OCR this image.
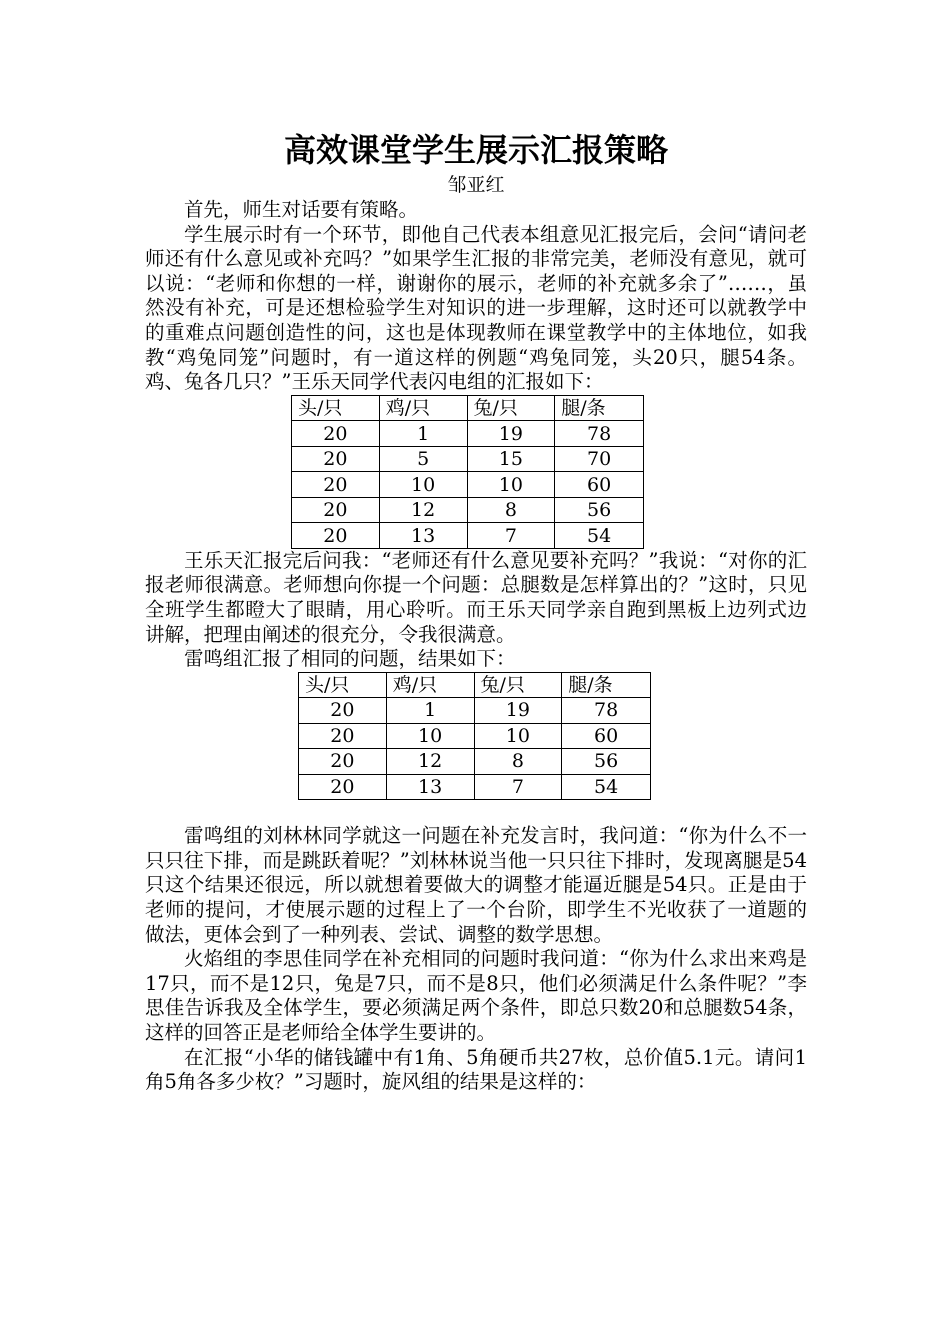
高效课堂学生展示汇报策略
邹亚红

首先，师生对话要有策略。

学生展示时有一个环节，即他自己代表本组意见汇报完后，会问“请问老师还有什么意见或补充吗？”如果学生汇报的非常完美，老师没有意见，就可以说：“老师和你想的一样，谢谢你的展示，老师的补充就多余了”……，虽然没有补充，可是还想检验学生对知识的进一步理解，这时还可以就教学中的重难点问题创造性的问，这也是体现教师在课堂教学中的主体地位，如我教“鸡兔同笼”问题时，有一道这样的例题“鸡兔同笼，头20只，腿54条。鸡、兔各几只？”王乐天同学代表闪电组的汇报如下：

头/只	鸡/只	兔/只	腿/条
20	1	19	78
20	5	15	70
20	10	10	60
20	12	8	56
20	13	7	54

王乐天汇报完后问我：“老师还有什么意见要补充吗？”我说：“对你的汇报老师很满意。老师想向你提一个问题：总腿数是怎样算出的？”这时，只见全班学生都瞪大了眼睛，用心聆听。而王乐天同学亲自跑到黑板上边列式边讲解，把理由阐述的很充分，令我很满意。

雷鸣组汇报了相同的问题，结果如下：

头/只	鸡/只	兔/只	腿/条
20	1	19	78
20	10	10	60
20	12	8	56
20	13	7	54

雷鸣组的刘林林同学就这一问题在补充发言时，我问道：“你为什么不一只只往下排，而是跳跃着呢？”刘林林说当他一只只往下排时，发现离腿是54只这个结果还很远，所以就想着要做大的调整才能逼近腿是54只。正是由于老师的提问，才使展示题的过程上了一个台阶，即学生不光收获了一道题的做法，更体会到了一种列表、尝试、调整的数学思想。

火焰组的李思佳同学在补充相同的问题时我问道：“你为什么求出来鸡是17只，而不是12只，兔是7只，而不是8只，他们必须满足什么条件呢？”李思佳告诉我及全体学生，要必须满足两个条件，即总只数20和总腿数54条，这样的回答正是老师给全体学生要讲的。

在汇报“小华的储钱罐中有1角、5角硬币共27枚，总价值5.1元。请问1角5角各多少枚？”习题时，旋风组的结果是这样的：
